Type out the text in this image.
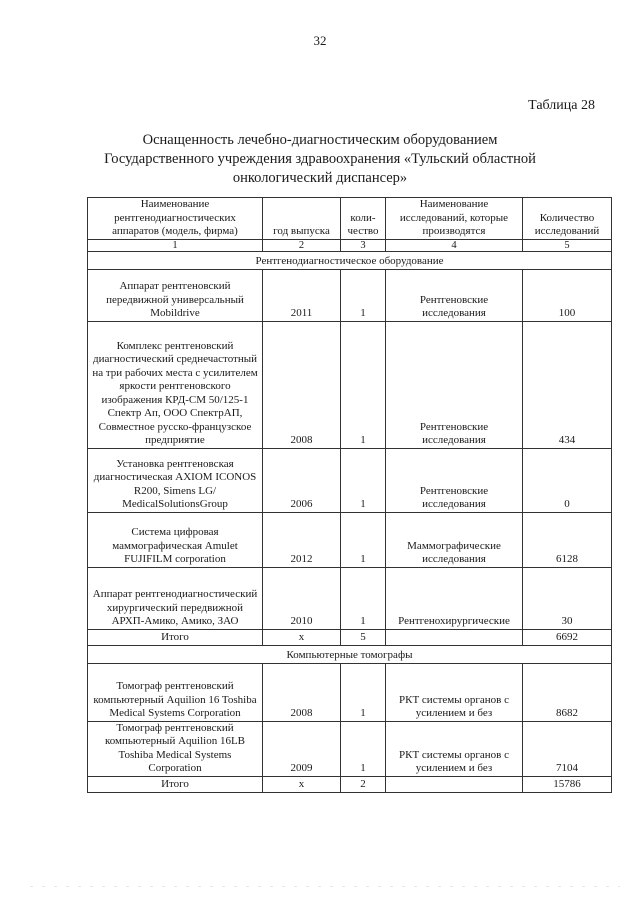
32
Таблица 28
Оснащенность лечебно-диагностическим оборудованием
Государственного учреждения здравоохранения «Тульский областной
онкологический диспансер»
Наименование рентгенодиагностических аппаратов (модель, фирма)	год выпуска	коли-чество	Наименование исследований, которые производятся	Количество исследований
1	2	3	4	5
Рентгенодиагностическое оборудование				
Аппарат рентгеновский передвижной универсальный Mobildrive	2011	1	Рентгеновские исследования	100
Комплекс рентгеновский диагностический среднечастотный на три рабочих места с усилителем яркости рентгеновского изображения КРД-СМ 50/125-1 Спектр Ап, ООО СпектрАП, Совместное русско-французское предприятие	2008	1	Рентгеновские исследования	434
Установка рентгеновская диагностическая AXIOM ICONOS R200, Simens LG/ MedicalSolutionsGroup	2006	1	Рентгеновские исследования	0
Система цифровая маммографическая Amulet FUJIFILM corporation	2012	1	Маммографические исследования	6128
Аппарат рентгенодиагностический хирургический передвижной АРХП-Амико, Амико, ЗАО	2010	1	Рентгенохирургические	30
Итого	х	5		6692
Компьютерные томографы				
Томограф рентгеновский компьютерный Aquilion 16 Toshiba Medical Systems Corporation	2008	1	РКТ системы органов с усилением и без	8682
Томограф рентгеновский компьютерный Aquilion 16LB Toshiba Medical Systems Corporation	2009	1	РКТ системы органов с усилением и без	7104
Итого	х	2		15786
